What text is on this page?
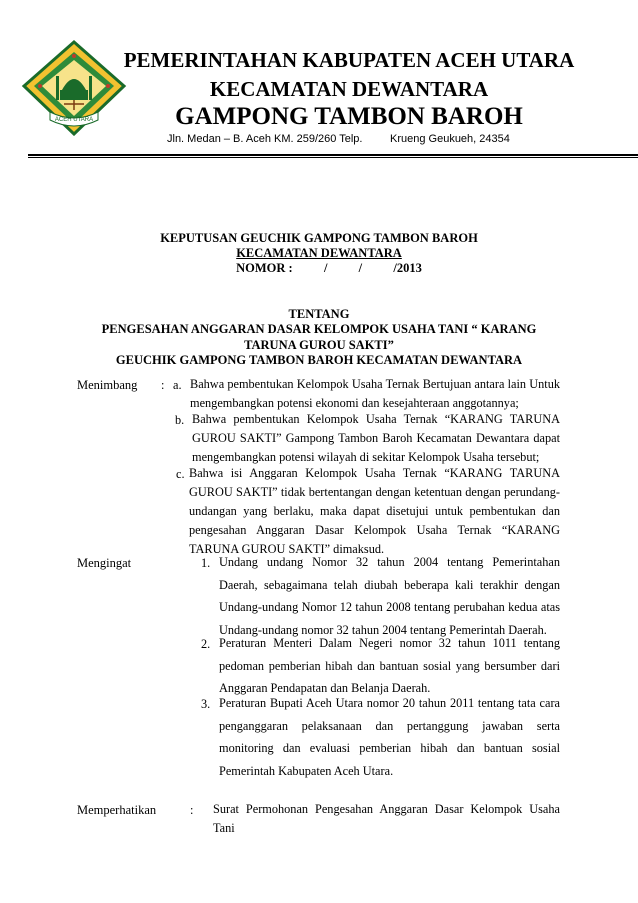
ACEH UTARA
PEMERINTAHAN KABUPATEN ACEH UTARA
KECAMATAN DEWANTARA
GAMPONG TAMBON BAROH
Jln. Medan – B. Aceh KM. 259/260 Telp.	Krueng Geukueh, 24354
KEPUTUSAN GEUCHIK GAMPONG TAMBON BAROH
KECAMATAN DEWANTARA
NOMOR :          /          /          /2013
TENTANG
PENGESAHAN ANGGARAN DASAR KELOMPOK USAHA TANI “ KARANG
TARUNA GUROU SAKTI”
GEUCHIK GAMPONG TAMBON BAROH KECAMATAN DEWANTARA
Menimbang : a. Bahwa pembentukan Kelompok Usaha Ternak Bertujuan antara lain Untuk mengembangkan potensi ekonomi dan kesejahteraan anggotannya;
b. Bahwa pembentukan Kelompok Usaha Ternak “KARANG TARUNA GUROU SAKTI” Gampong Tambon Baroh Kecamatan Dewantara dapat mengembangkan potensi wilayah di sekitar Kelompok Usaha tersebut;
c. Bahwa isi Anggaran Kelompok Usaha Ternak “KARANG TARUNA GUROU SAKTI” tidak bertentangan dengan ketentuan dengan perundang-undangan yang berlaku, maka dapat disetujui untuk pembentukan dan pengesahan Anggaran Dasar Kelompok Usaha Ternak “KARANG TARUNA GUROU SAKTI” dimaksud.
Mengingat	1. Undang undang Nomor 32 tahun 2004 tentang Pemerintahan Daerah, sebagaimana telah diubah beberapa kali terakhir dengan Undang-undang Nomor 12 tahun 2008 tentang perubahan kedua atas Undang-undang nomor 32 tahun 2004 tentang Pemerintah Daerah.
2. Peraturan Menteri Dalam Negeri nomor 32 tahun 1011 tentang pedoman pemberian hibah dan bantuan sosial yang bersumber dari Anggaran Pendapatan dan Belanja Daerah.
3. Peraturan Bupati Aceh Utara nomor 20 tahun 2011 tentang tata cara penganggaran pelaksanaan dan pertanggung jawaban serta monitoring dan evaluasi pemberian hibah dan bantuan sosial Pemerintah Kabupaten Aceh Utara.
Memperhatikan	: Surat Permohonan Pengesahan Anggaran Dasar Kelompok Usaha Tani
